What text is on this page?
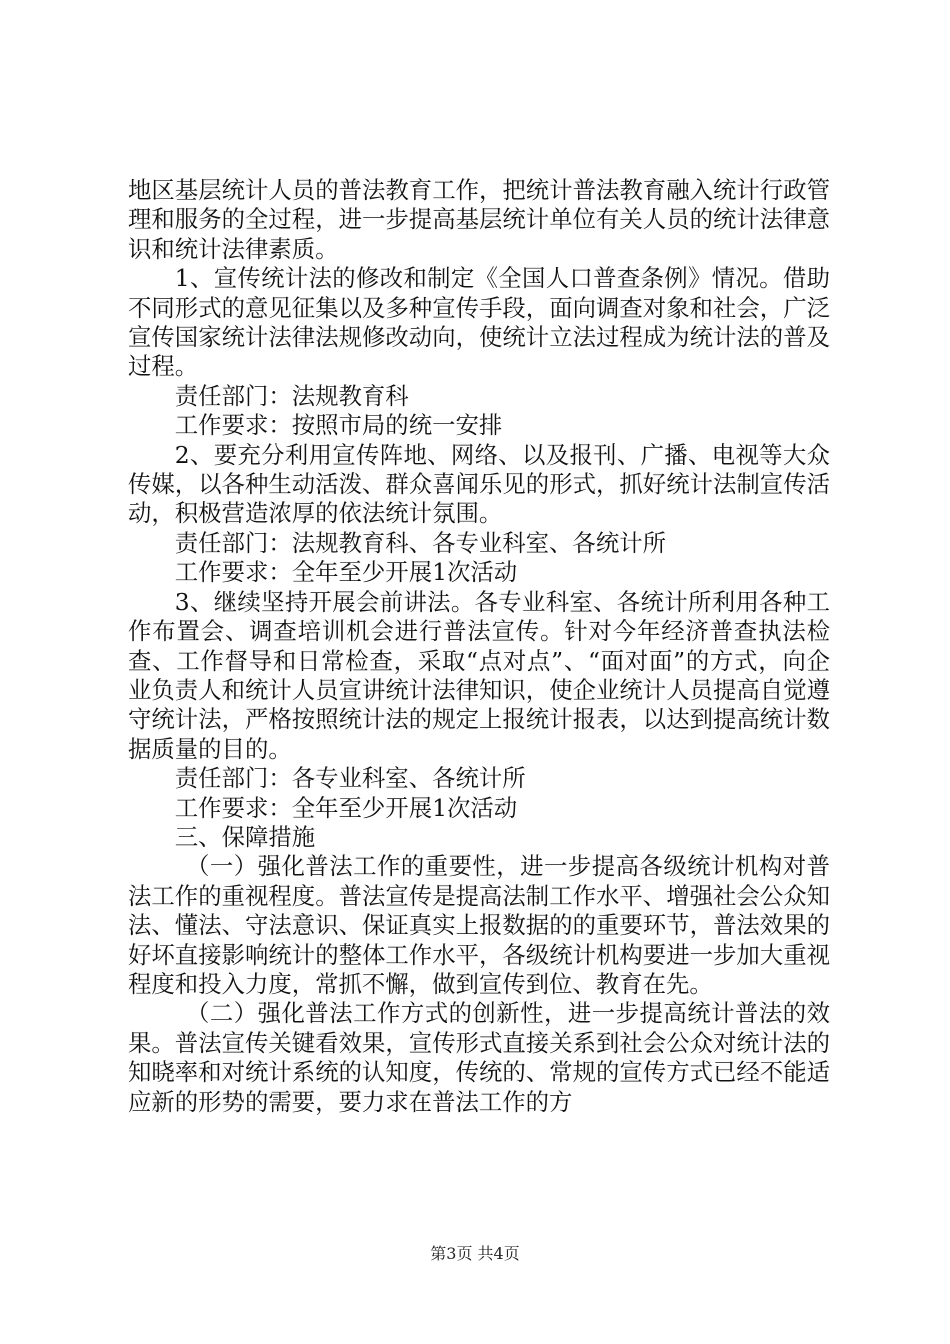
地区基层统计人员的普法教育工作，把统计普法教育融入统计行政管理和服务的全过程，进一步提高基层统计单位有关人员的统计法律意识和统计法律素质。

1、宣传统计法的修改和制定《全国人口普查条例》情况。借助不同形式的意见征集以及多种宣传手段，面向调查对象和社会，广泛宣传国家统计法律法规修改动向，使统计立法过程成为统计法的普及过程。

责任部门：法规教育科

工作要求：按照市局的统一安排

2、要充分利用宣传阵地、网络、以及报刊、广播、电视等大众传媒，以各种生动活泼、群众喜闻乐见的形式，抓好统计法制宣传活动，积极营造浓厚的依法统计氛围。

责任部门：法规教育科、各专业科室、各统计所

工作要求：全年至少开展1次活动

3、继续坚持开展会前讲法。各专业科室、各统计所利用各种工作布置会、调查培训机会进行普法宣传。针对今年经济普查执法检查、工作督导和日常检查，采取“点对点”、“面对面”的方式，向企业负责人和统计人员宣讲统计法律知识，使企业统计人员提高自觉遵守统计法，严格按照统计法的规定上报统计报表，以达到提高统计数据质量的目的。

责任部门：各专业科室、各统计所

工作要求：全年至少开展1次活动

三、保障措施

（一）强化普法工作的重要性，进一步提高各级统计机构对普法工作的重视程度。普法宣传是提高法制工作水平、增强社会公众知法、懂法、守法意识、保证真实上报数据的的重要环节，普法效果的好坏直接影响统计的整体工作水平，各级统计机构要进一步加大重视程度和投入力度，常抓不懈，做到宣传到位、教育在先。

（二）强化普法工作方式的创新性，进一步提高统计普法的效果。普法宣传关键看效果，宣传形式直接关系到社会公众对统计法的知晓率和对统计系统的认知度，传统的、常规的宣传方式已经不能适应新的形势的需要，要力求在普法工作的方

第3页 共4页
